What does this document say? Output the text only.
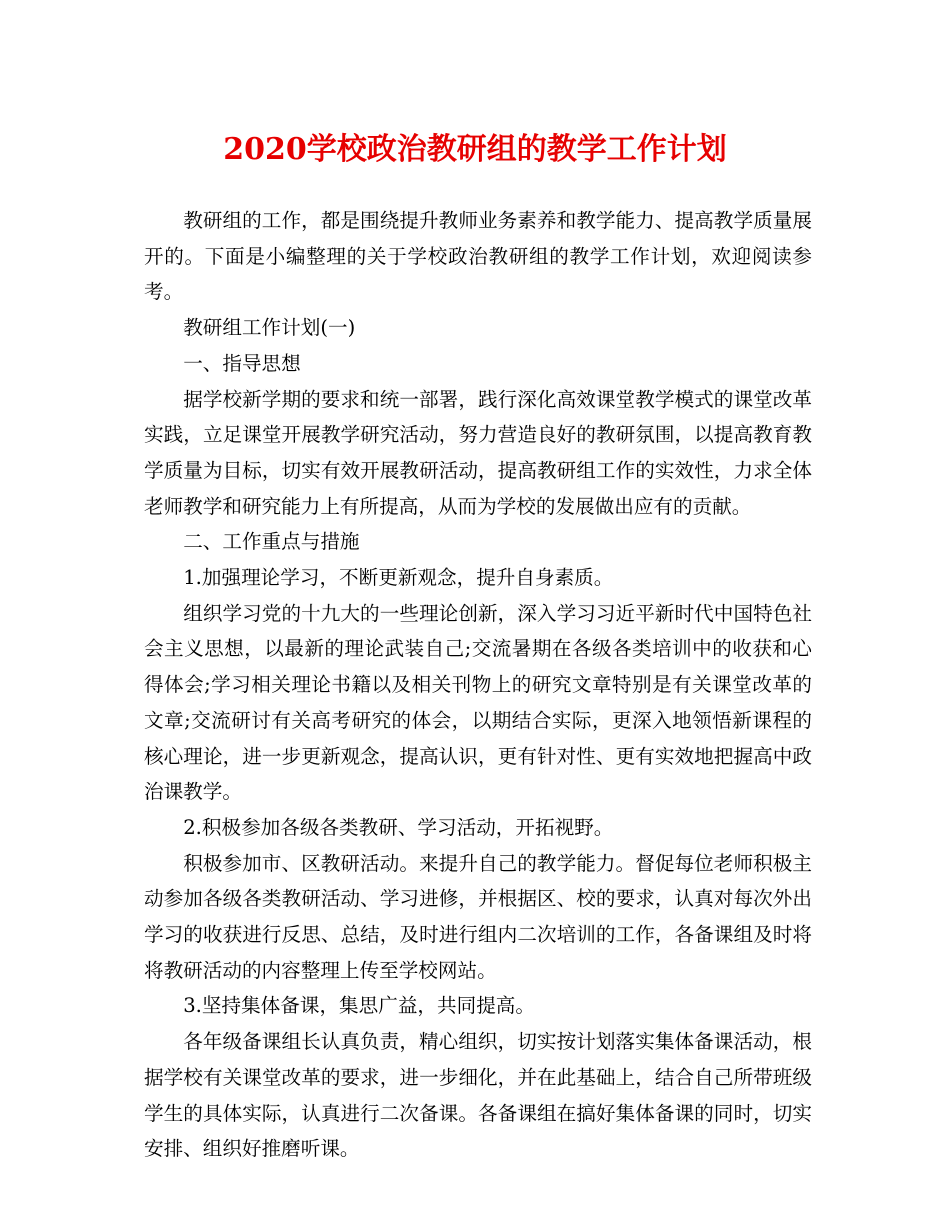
2020学校政治教研组的教学工作计划

教研组的工作，都是围绕提升教师业务素养和教学能力、提高教学质量展开的。下面是小编整理的关于学校政治教研组的教学工作计划，欢迎阅读参考。

教研组工作计划(一)

一、指导思想

据学校新学期的要求和统一部署，践行深化高效课堂教学模式的课堂改革实践，立足课堂开展教学研究活动，努力营造良好的教研氛围，以提高教育教学质量为目标，切实有效开展教研活动，提高教研组工作的实效性，力求全体老师教学和研究能力上有所提高，从而为学校的发展做出应有的贡献。

二、工作重点与措施

1.加强理论学习，不断更新观念，提升自身素质。

组织学习党的十九大的一些理论创新，深入学习习近平新时代中国特色社会主义思想，以最新的理论武装自己;交流暑期在各级各类培训中的收获和心得体会;学习相关理论书籍以及相关刊物上的研究文章特别是有关课堂改革的文章;交流研讨有关高考研究的体会，以期结合实际，更深入地领悟新课程的核心理论，进一步更新观念，提高认识，更有针对性、更有实效地把握高中政治课教学。

2.积极参加各级各类教研、学习活动，开拓视野。

积极参加市、区教研活动。来提升自己的教学能力。督促每位老师积极主动参加各级各类教研活动、学习进修，并根据区、校的要求，认真对每次外出学习的收获进行反思、总结，及时进行组内二次培训的工作，各备课组及时将将教研活动的内容整理上传至学校网站。

3.坚持集体备课，集思广益，共同提高。

各年级备课组长认真负责，精心组织，切实按计划落实集体备课活动，根据学校有关课堂改革的要求，进一步细化，并在此基础上，结合自己所带班级学生的具体实际，认真进行二次备课。各备课组在搞好集体备课的同时，切实安排、组织好推磨听课。
